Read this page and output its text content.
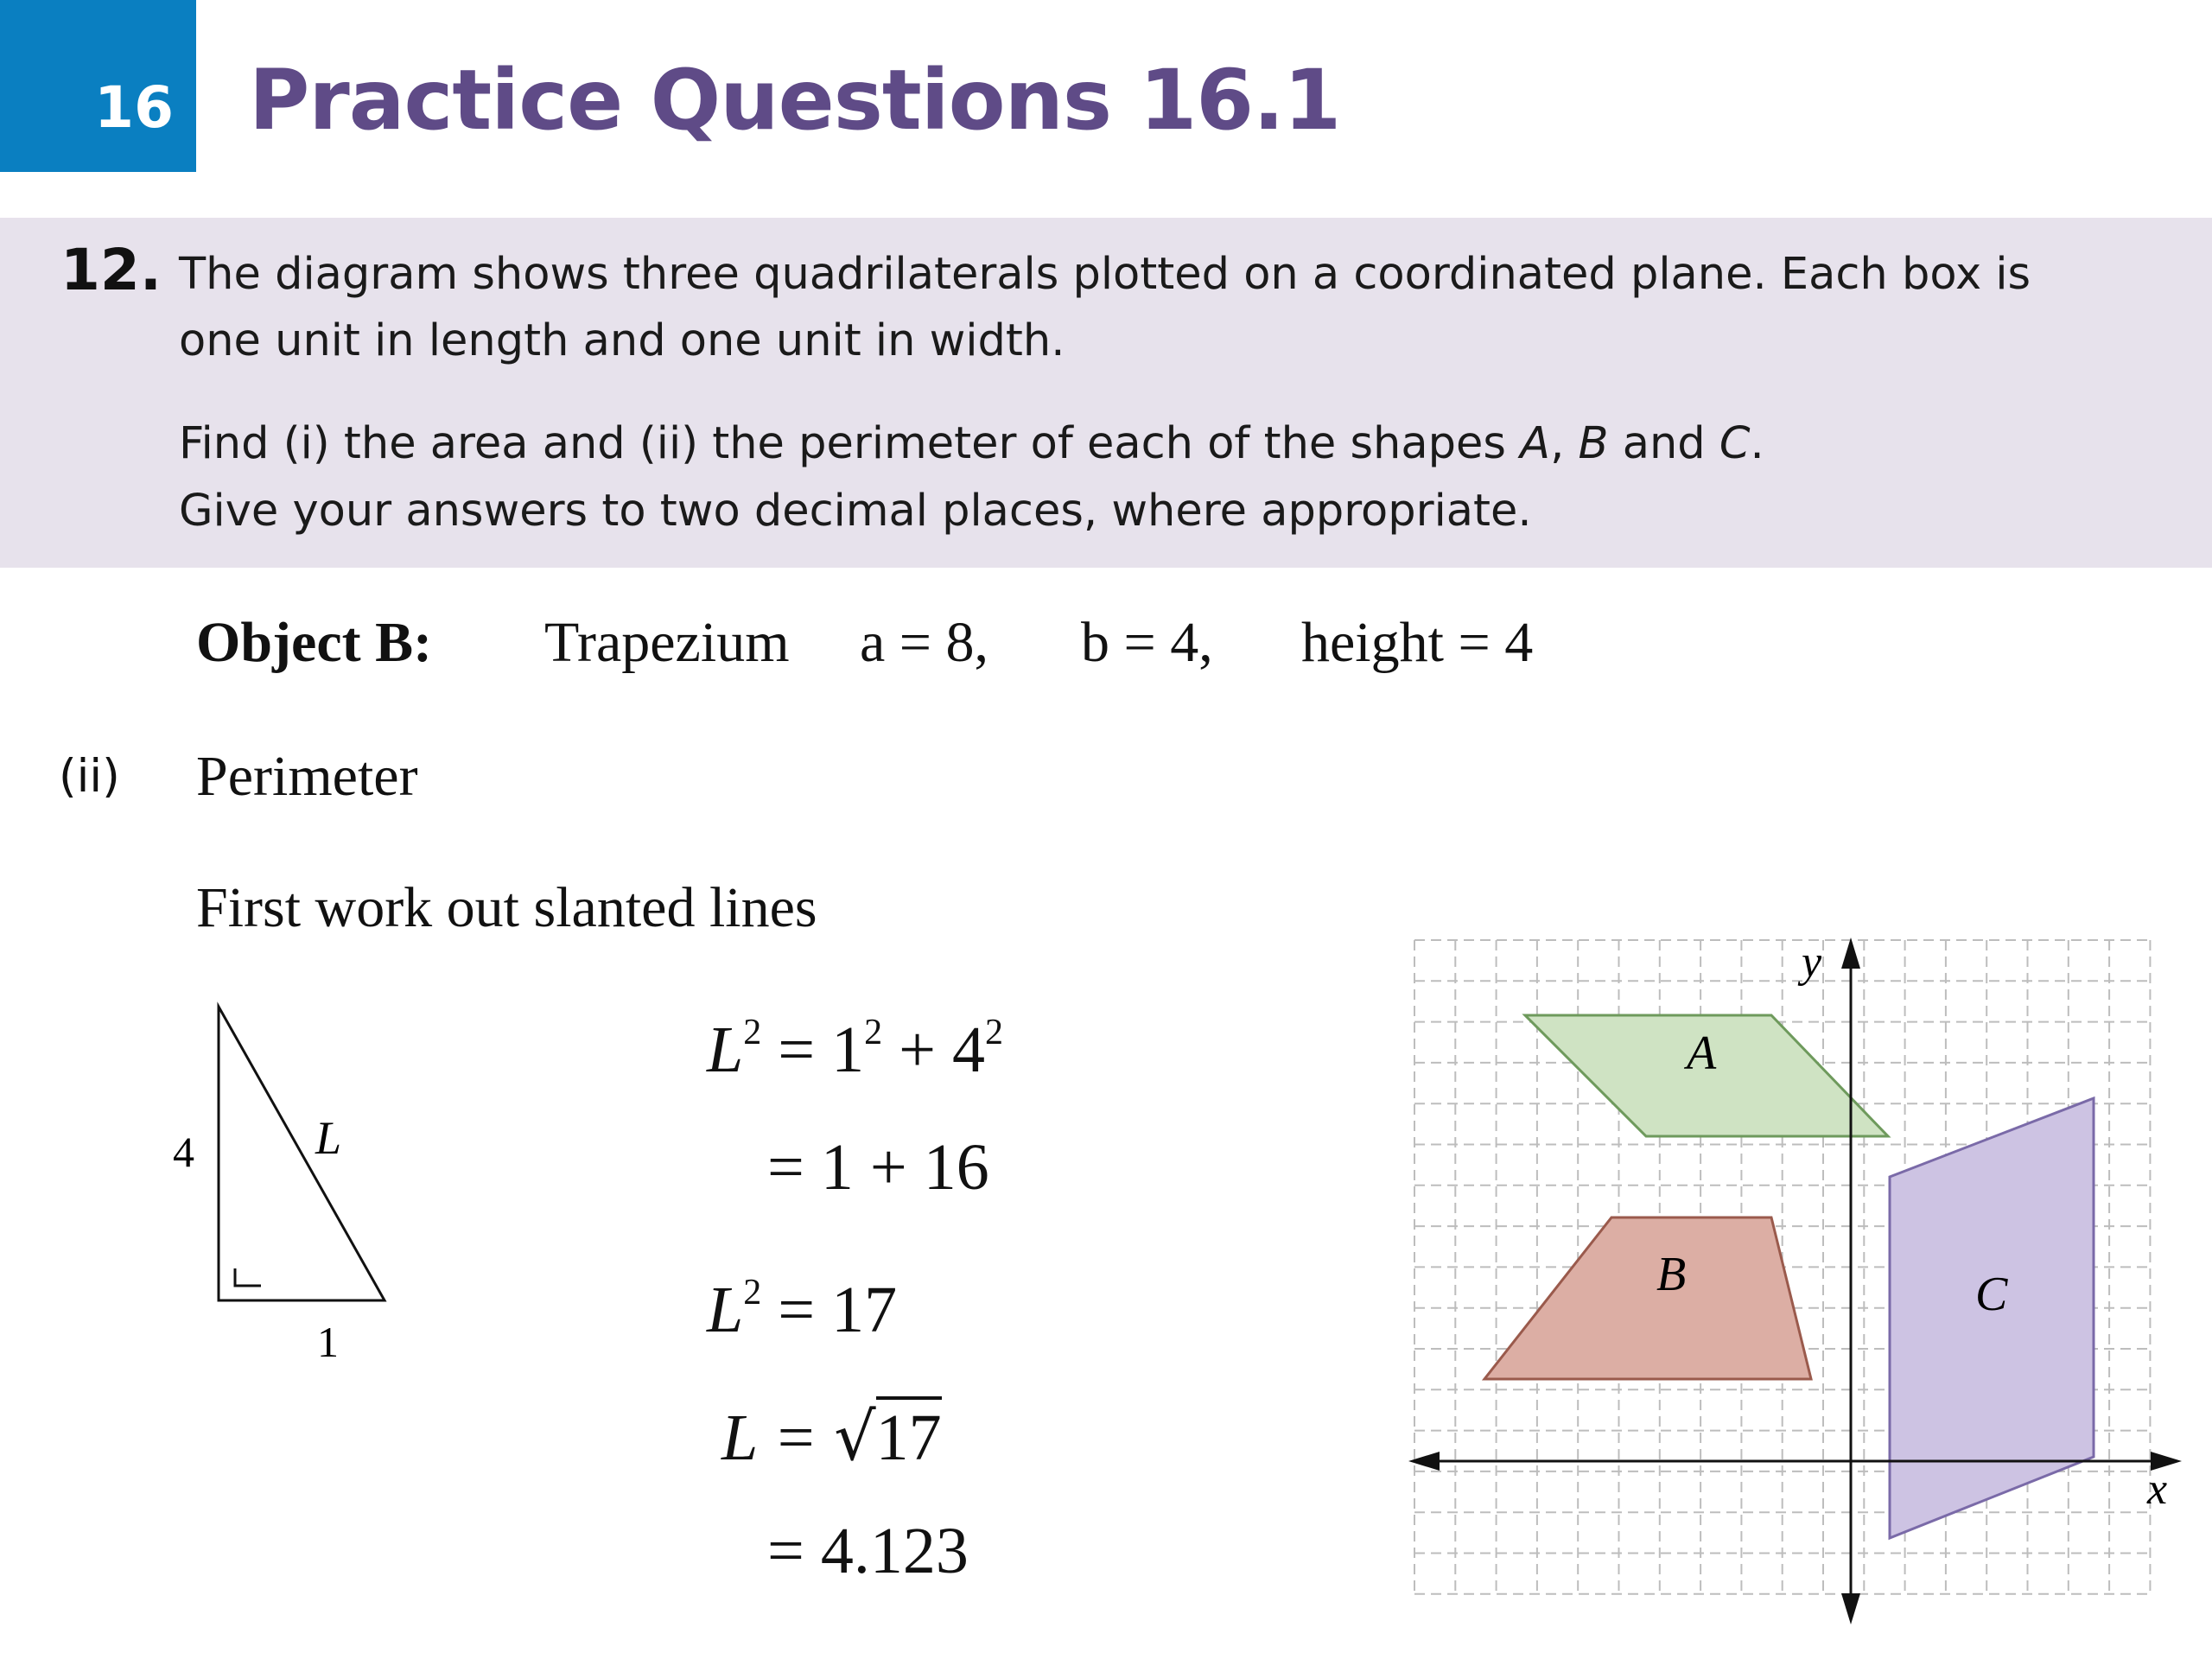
16 Practice Questions 16.1
12. The diagram shows three quadrilaterals plotted on a coordinated plane. Each box is
one unit in length and one unit in width.
Find (i) the area and (ii) the perimeter of each of the shapes A, B and C.
Give your answers to two decimal places, where appropriate.
Object B: Trapezium a = 8, b = 4, height = 4
(ii) Perimeter
First work out slanted lines
4
1
L
$L^2 = 1^2 + 4^2$
= 1 + 16
$L^2 = 17$
L = √17
= 4.123
x
y
A
B	C
